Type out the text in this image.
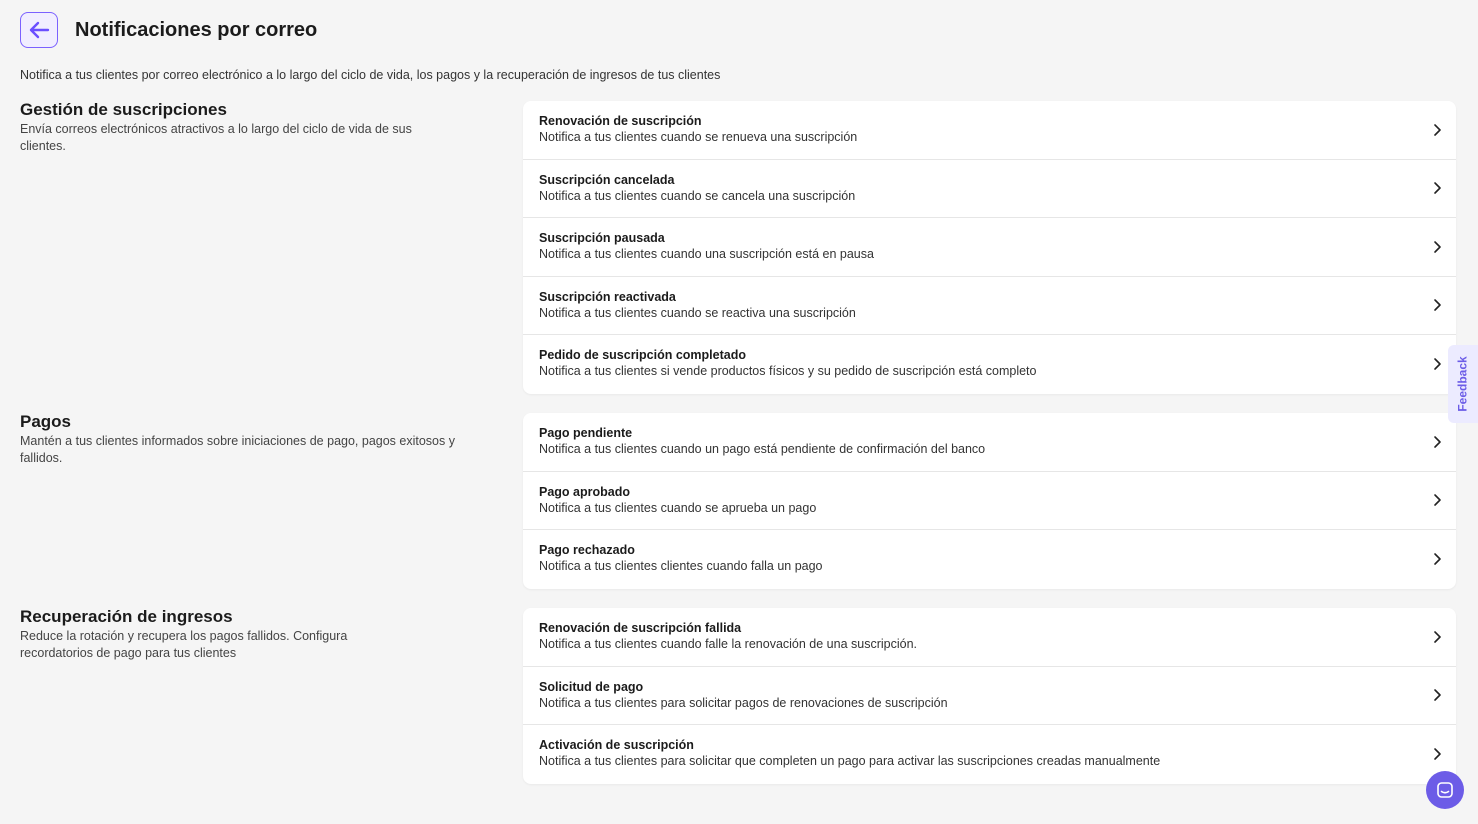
Notificaciones por correo

Notifica a tus clientes por correo electrónico a lo largo del ciclo de vida, los pagos y la recuperación de ingresos de tus clientes

Gestión de suscripciones

Envía correos electrónicos atractivos a lo largo del ciclo de vida de sus clientes.

Renovación de suscripción
Notifica a tus clientes cuando se renueva una suscripción
Suscripción cancelada
Notifica a tus clientes cuando se cancela una suscripción
Suscripción pausada
Notifica a tus clientes cuando una suscripción está en pausa
Suscripción reactivada
Notifica a tus clientes cuando se reactiva una suscripción
Pedido de suscripción completado
Notifica a tus clientes si vende productos físicos y su pedido de suscripción está completo
Pagos

Mantén a tus clientes informados sobre iniciaciones de pago, pagos exitosos y fallidos.

Pago pendiente
Notifica a tus clientes cuando un pago está pendiente de confirmación del banco
Pago aprobado
Notifica a tus clientes cuando se aprueba un pago
Pago rechazado
Notifica a tus clientes clientes cuando falla un pago
Recuperación de ingresos

Reduce la rotación y recupera los pagos fallidos. Configura recordatorios de pago para tus clientes

Renovación de suscripción fallida
Notifica a tus clientes cuando falle la renovación de una suscripción.
Solicitud de pago
Notifica a tus clientes para solicitar pagos de renovaciones de suscripción
Activación de suscripción
Notifica a tus clientes para solicitar que completen un pago para activar las suscripciones creadas manualmente
Feedback
